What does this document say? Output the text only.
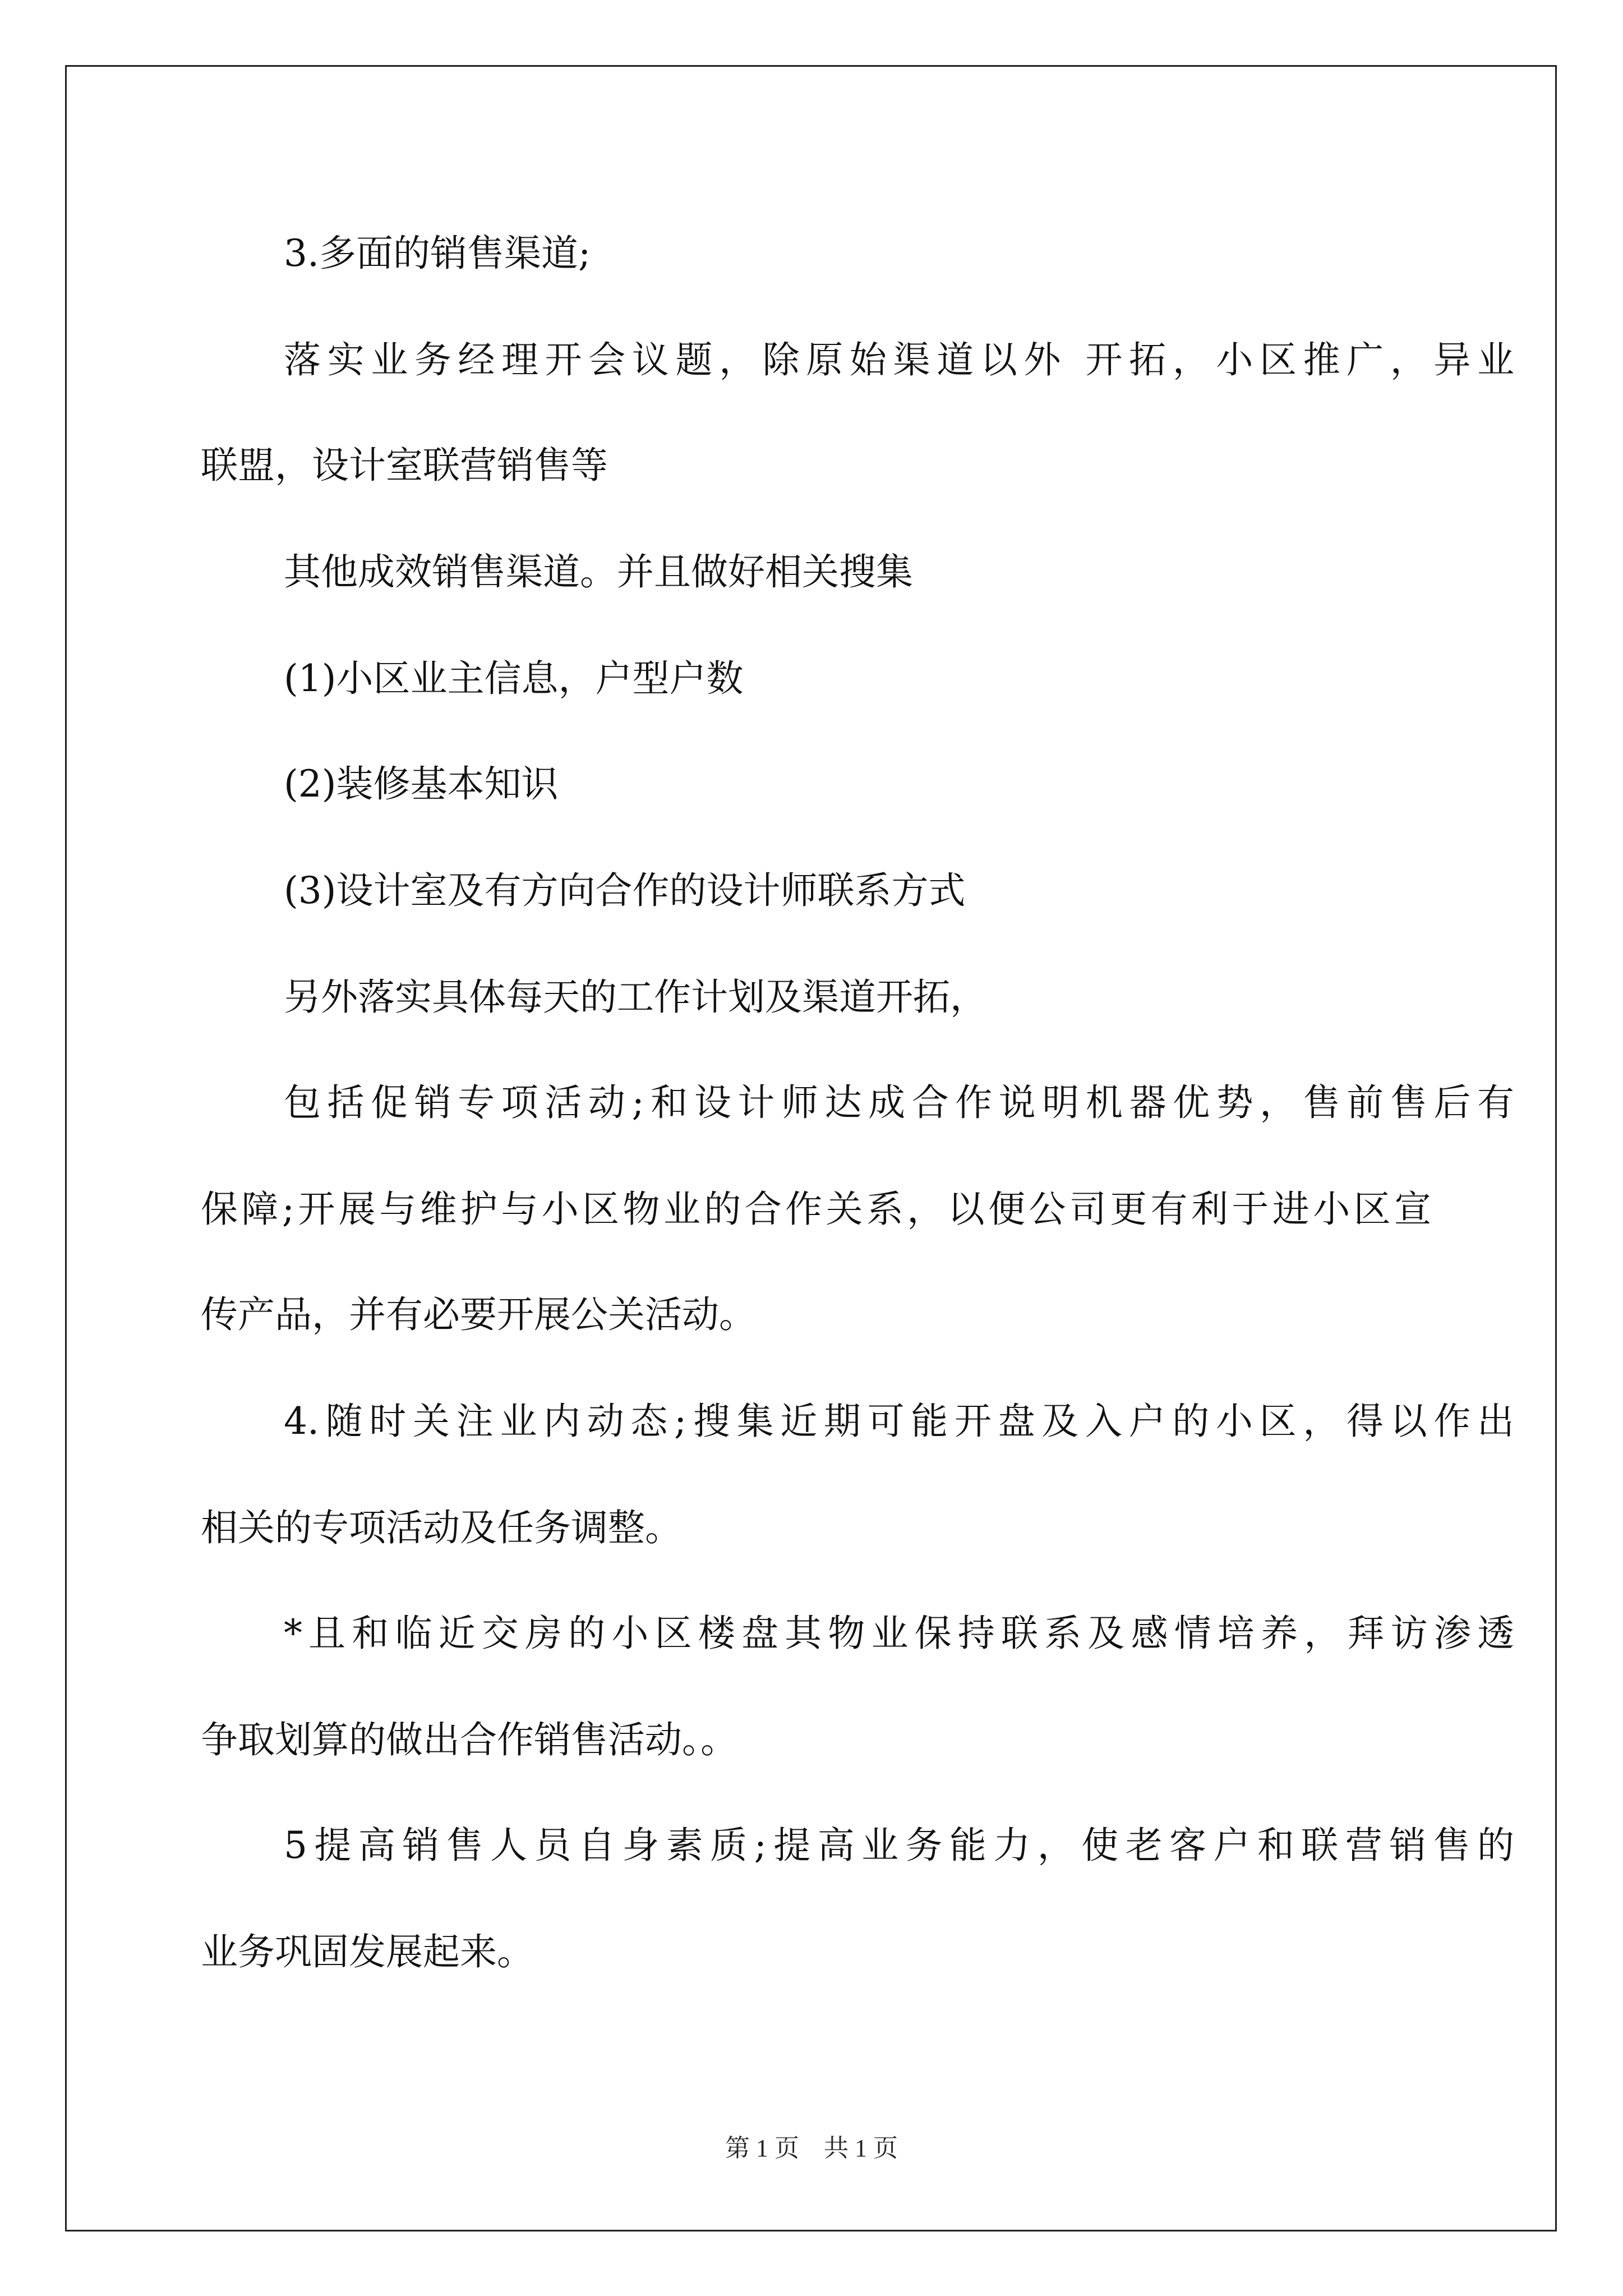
3.多面的销售渠道;
落实业务经理开会议题，除原始渠道以外 开拓，小区推广，异业
联盟，设计室联营销售等
其他成效销售渠道。并且做好相关搜集
(1)小区业主信息，户型户数
(2)装修基本知识
(3)设计室及有方向合作的设计师联系方式
另外落实具体每天的工作计划及渠道开拓，
包括促销专项活动;和设计师达成合作说明机器优势，售前售后有
保障;开展与维护与小区物业的合作关系，以便公司更有利于进小区宣
传产品，并有必要开展公关活动。
4.随时关注业内动态;搜集近期可能开盘及入户的小区，得以作出
相关的专项活动及任务调整。
*且和临近交房的小区楼盘其物业保持联系及感情培养，拜访渗透
争取划算的做出合作销售活动。。
5提高销售人员自身素质;提高业务能力，使老客户和联营销售的
业务巩固发展起来。
第 1 页　共 1 页
